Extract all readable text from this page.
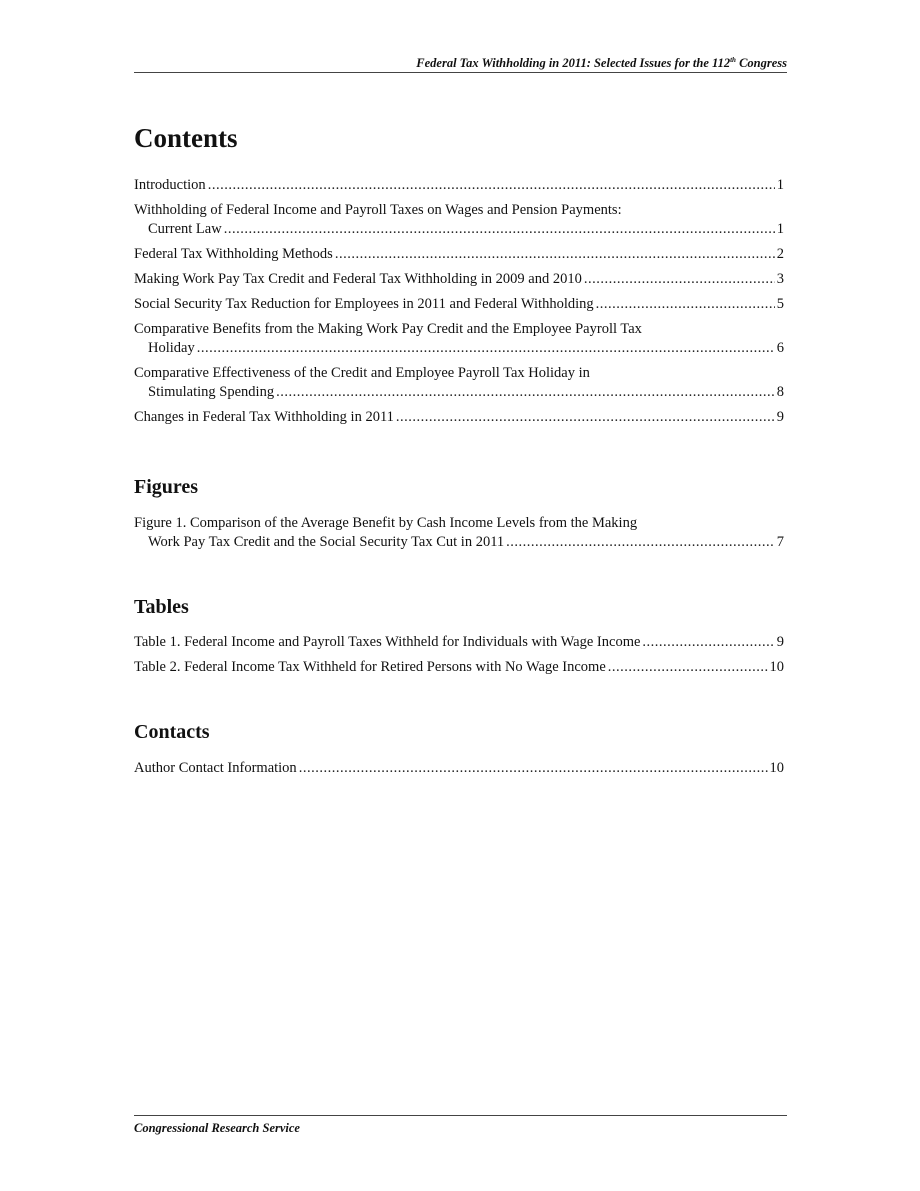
Federal Tax Withholding in 2011: Selected Issues for the 112th Congress
Contents
Introduction .....	1
Withholding of Federal Income and Payroll Taxes on Wages and Pension Payments:
Current Law .....	1
Federal Tax Withholding Methods .....	2
Making Work Pay Tax Credit and Federal Tax Withholding in 2009 and 2010 .....	3
Social Security Tax Reduction for Employees in 2011 and Federal Withholding .....	5
Comparative Benefits from the Making Work Pay Credit and the Employee Payroll Tax
Holiday .....	6
Comparative Effectiveness of the Credit and Employee Payroll Tax Holiday in
Stimulating Spending .....	8
Changes in Federal Tax Withholding in 2011 .....	9
Figures
Figure 1. Comparison of the Average Benefit by Cash Income Levels from the Making
Work Pay Tax Credit and the Social Security Tax Cut in 2011 .....	7
Tables
Table 1. Federal Income and Payroll Taxes Withheld for Individuals with Wage Income .....	9
Table 2. Federal Income Tax Withheld for Retired Persons with No Wage Income .....	10
Contacts
Author Contact Information .....	10
Congressional Research Service
